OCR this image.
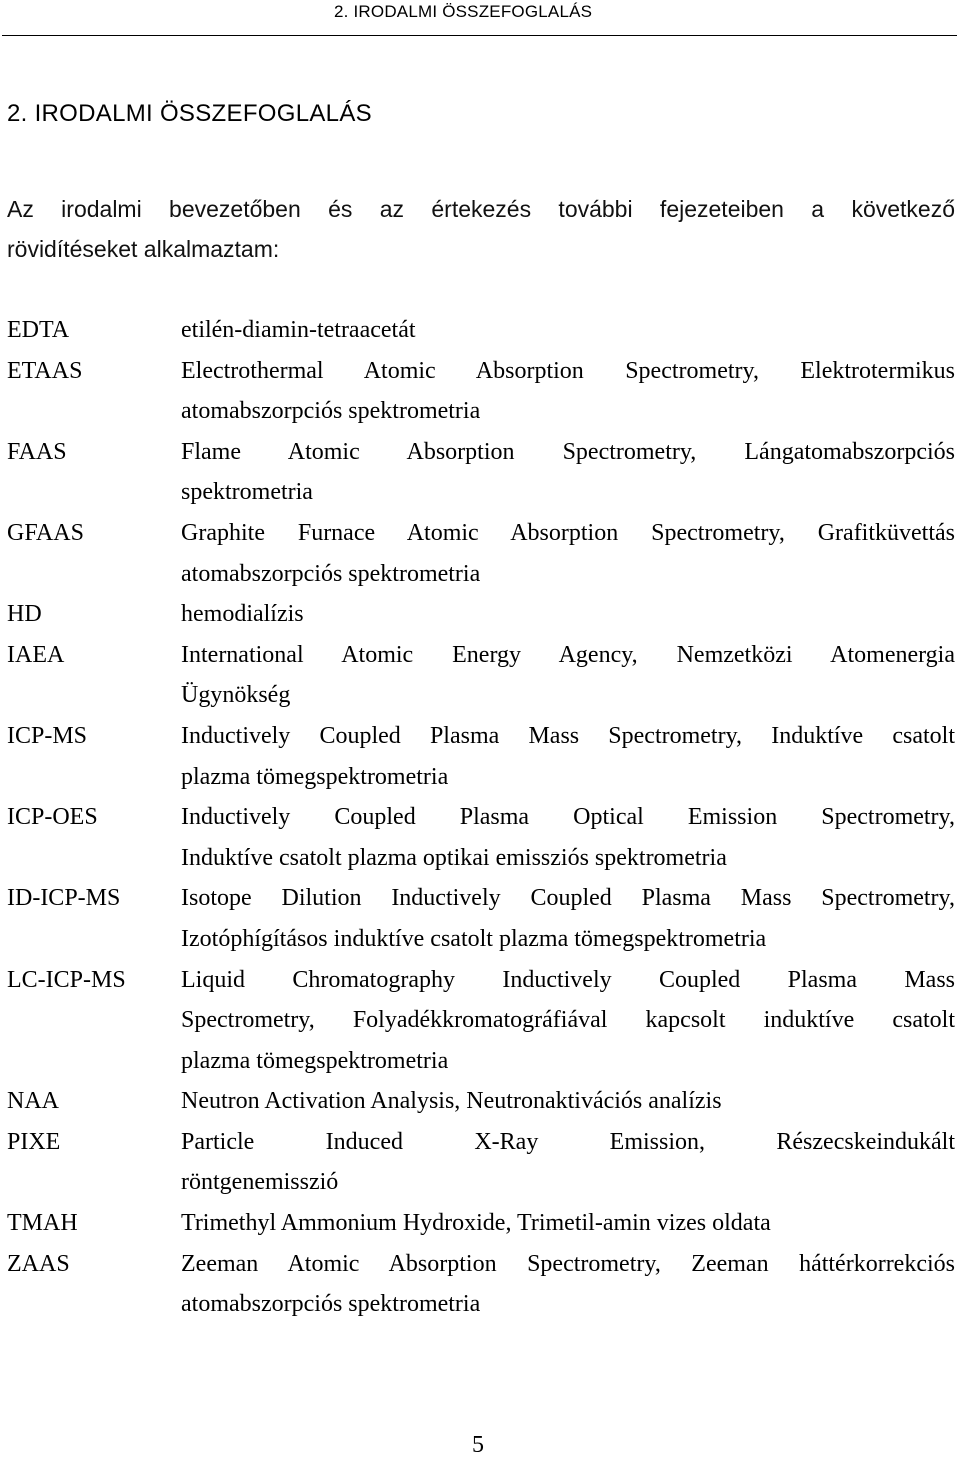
2. IRODALMI ÖSSZEFOGLALÁS
2. IRODALMI ÖSSZEFOGLALÁS
Az irodalmi bevezetőben és az értekezés további fejezeteiben a következő
rövidítéseket alkalmaztam:
EDTA	etilén-diamin-tetraacetát
ETAAS	Electrothermal Atomic Absorption Spectrometry, Elektrotermikus
atomabszorpciós spektrometria
FAAS	Flame Atomic Absorption Spectrometry, Lángatomabszorpciós
spektrometria
GFAAS	Graphite Furnace Atomic Absorption Spectrometry, Grafitküvettás
atomabszorpciós spektrometria
HD	hemodialízis
IAEA	International Atomic Energy Agency, Nemzetközi Atomenergia
Ügynökség
ICP-MS	Inductively Coupled Plasma Mass Spectrometry, Induktíve csatolt
plazma tömegspektrometria
ICP-OES	Inductively Coupled Plasma Optical Emission Spectrometry,
Induktíve csatolt plazma optikai emissziós spektrometria
ID-ICP-MS	Isotope Dilution Inductively Coupled Plasma Mass Spectrometry,
Izotóphígításos induktíve csatolt plazma tömegspektrometria
LC-ICP-MS	Liquid Chromatography Inductively Coupled Plasma Mass
Spectrometry, Folyadékkromatográfiával kapcsolt induktíve csatolt
plazma tömegspektrometria
NAA	Neutron Activation Analysis, Neutronaktivációs analízis
PIXE	Particle Induced X-Ray Emission, Részecskeindukált
röntgenemisszió
TMAH	Trimethyl Ammonium Hydroxide, Trimetil-amin vizes oldata
ZAAS	Zeeman Atomic Absorption Spectrometry, Zeeman háttérkorrekciós
atomabszorpciós spektrometria
5
